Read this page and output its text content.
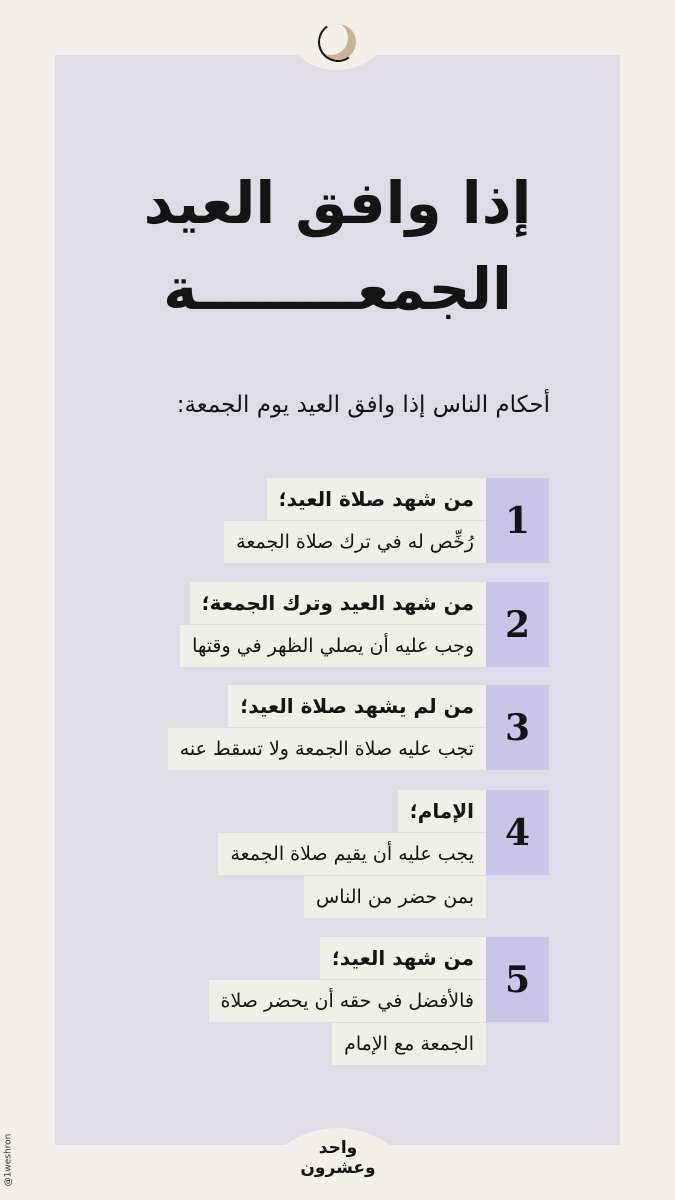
إذا وافق العيد
الجمعــــــــة
أحكام الناس إذا وافق العيد يوم الجمعة:
1
من شهد صلاة العيد؛
رُخِّص له في ترك صلاة الجمعة
2
من شهد العيد وترك الجمعة؛
وجب عليه أن يصلي الظهر في وقتها
3
من لم يشهد صلاة العيد؛
تجب عليه صلاة الجمعة ولا تسقط عنه
4
الإمام؛
يجب عليه أن يقيم صلاة الجمعة
بمن حضر من الناس
5
من شهد العيد؛
فالأفضل في حقه أن يحضر صلاة
الجمعة مع الإمام
واحد
وعشرون
@1weshron
